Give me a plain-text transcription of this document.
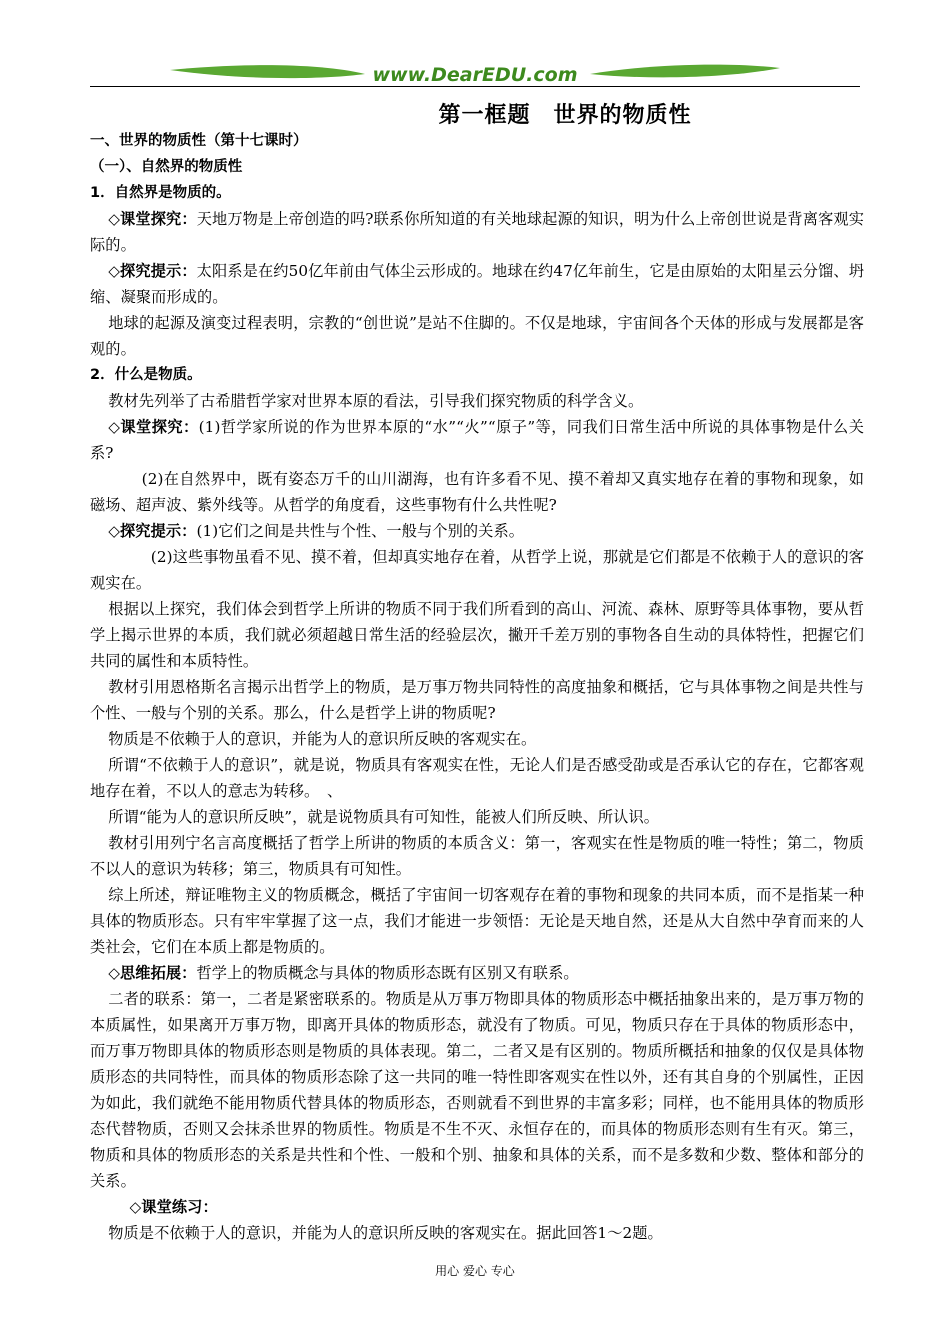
www.DearEDU.com
第一框题　世界的物质性

一、世界的物质性（第十七课时）

（一）、自然界的物质性

1．自然界是物质的。

◇课堂探究：天地万物是上帝创造的吗?联系你所知道的有关地球起源的知识，明为什么上帝创世说是背离客观实际的。

◇探究提示：太阳系是在约50亿年前由气体尘云形成的。地球在约47亿年前生，它是由原始的太阳星云分馏、坍缩、凝聚而形成的。

地球的起源及演变过程表明，宗教的“创世说”是站不住脚的。不仅是地球，宇宙间各个天体的形成与发展都是客观的。

2．什么是物质。

教材先列举了古希腊哲学家对世界本原的看法，引导我们探究物质的科学含义。

◇课堂探究：(1)哲学家所说的作为世界本原的“水”“火”“原子”等，同我们日常生活中所说的具体事物是什么关系?

(2)在自然界中，既有姿态万千的山川湖海，也有许多看不见、摸不着却又真实地存在着的事物和现象，如磁场、超声波、紫外线等。从哲学的角度看，这些事物有什么共性呢?

◇探究提示：(1)它们之间是共性与个性、一般与个别的关系。

(2)这些事物虽看不见、摸不着，但却真实地存在着，从哲学上说，那就是它们都是不依赖于人的意识的客观实在。

根据以上探究，我们体会到哲学上所讲的物质不同于我们所看到的高山、河流、森林、原野等具体事物，要从哲学上揭示世界的本质，我们就必须超越日常生活的经验层次，撇开千差万别的事物各自生动的具体特性，把握它们共同的属性和本质特性。

教材引用恩格斯名言揭示出哲学上的物质，是万事万物共同特性的高度抽象和概括，它与具体事物之间是共性与个性、一般与个别的关系。那么，什么是哲学上讲的物质呢?

物质是不依赖于人的意识，并能为人的意识所反映的客观实在。

所谓“不依赖于人的意识”，就是说，物质具有客观实在性，无论人们是否感受劭或是否承认它的存在，它都客观地存在着，不以人的意志为转移。　、

所谓“能为人的意识所反映”，就是说物质具有可知性，能被人们所反映、所认识。

教材引用列宁名言高度概括了哲学上所讲的物质的本质含义：第一，客观实在性是物质的唯一特性；第二，物质不以人的意识为转移；第三，物质具有可知性。

综上所述，辩证唯物主义的物质概念，概括了宇宙间一切客观存在着的事物和现象的共同本质，而不是指某一种具体的物质形态。只有牢牢掌握了这一点，我们才能进一步领悟：无论是天地自然，还是从大自然中孕育而来的人类社会，它们在本质上都是物质的。

◇思维拓展：哲学上的物质概念与具体的物质形态既有区别又有联系。

二者的联系：第一，二者是紧密联系的。物质是从万事万物即具体的物质形态中概括抽象出来的，是万事万物的本质属性，如果离开万事万物，即离开具体的物质形态，就没有了物质。可见，物质只存在于具体的物质形态中，而万事万物即具体的物质形态则是物质的具体表现。第二，二者又是有区别的。物质所概括和抽象的仅仅是具体物质形态的共同特性，而具体的物质形态除了这一共同的唯一特性即客观实在性以外，还有其自身的个别属性，正因为如此，我们就绝不能用物质代替具体的物质形态，否则就看不到世界的丰富多彩；同样，也不能用具体的物质形态代替物质，否则又会抹杀世界的物质性。物质是不生不灭、永恒存在的，而具体的物质形态则有生有灭。第三，物质和具体的物质形态的关系是共性和个性、一般和个别、抽象和具体的关系，而不是多数和少数、整体和部分的关系。

◇课堂练习：

物质是不依赖于人的意识，并能为人的意识所反映的客观实在。据此回答1～2题。

用心 爱心 专心
